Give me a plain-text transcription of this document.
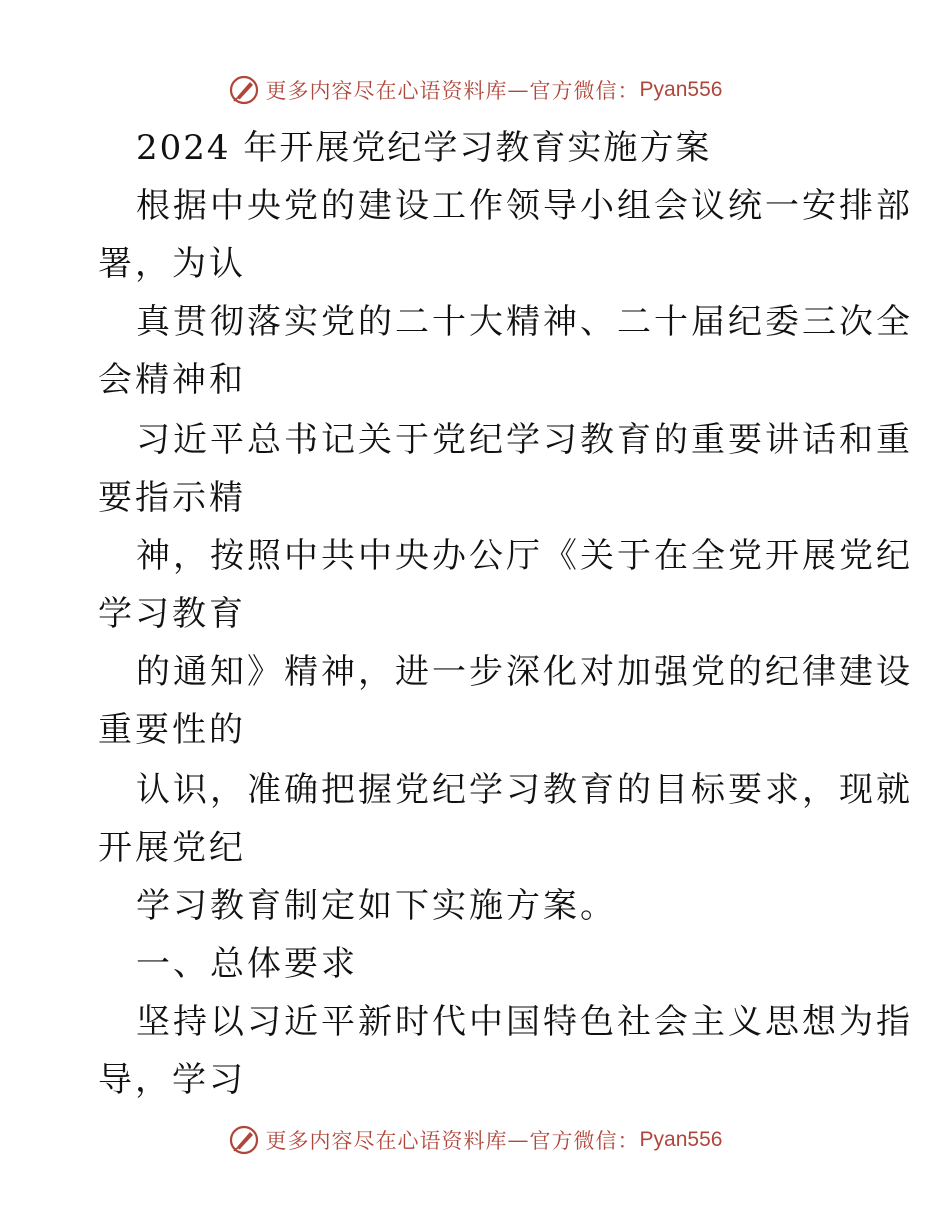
更多内容尽在心语资料库 — 官方微信： Pyan556
2024 年开展党纪学习教育实施方案
根据中央党的建设工作领导小组会议统一安排部
署，为认
真贯彻落实党的二十大精神、二十届纪委三次全
会精神和
习近平总书记关于党纪学习教育的重要讲话和重
要指示精
神，按照中共中央办公厅《关于在全党开展党纪
学习教育
的通知》精神，进一步深化对加强党的纪律建设
重要性的
认识，准确把握党纪学习教育的目标要求，现就
开展党纪
学习教育制定如下实施方案。
一、总体要求
坚持以习近平新时代中国特色社会主义思想为指
导，学习
更多内容尽在心语资料库 — 官方微信： Pyan556
